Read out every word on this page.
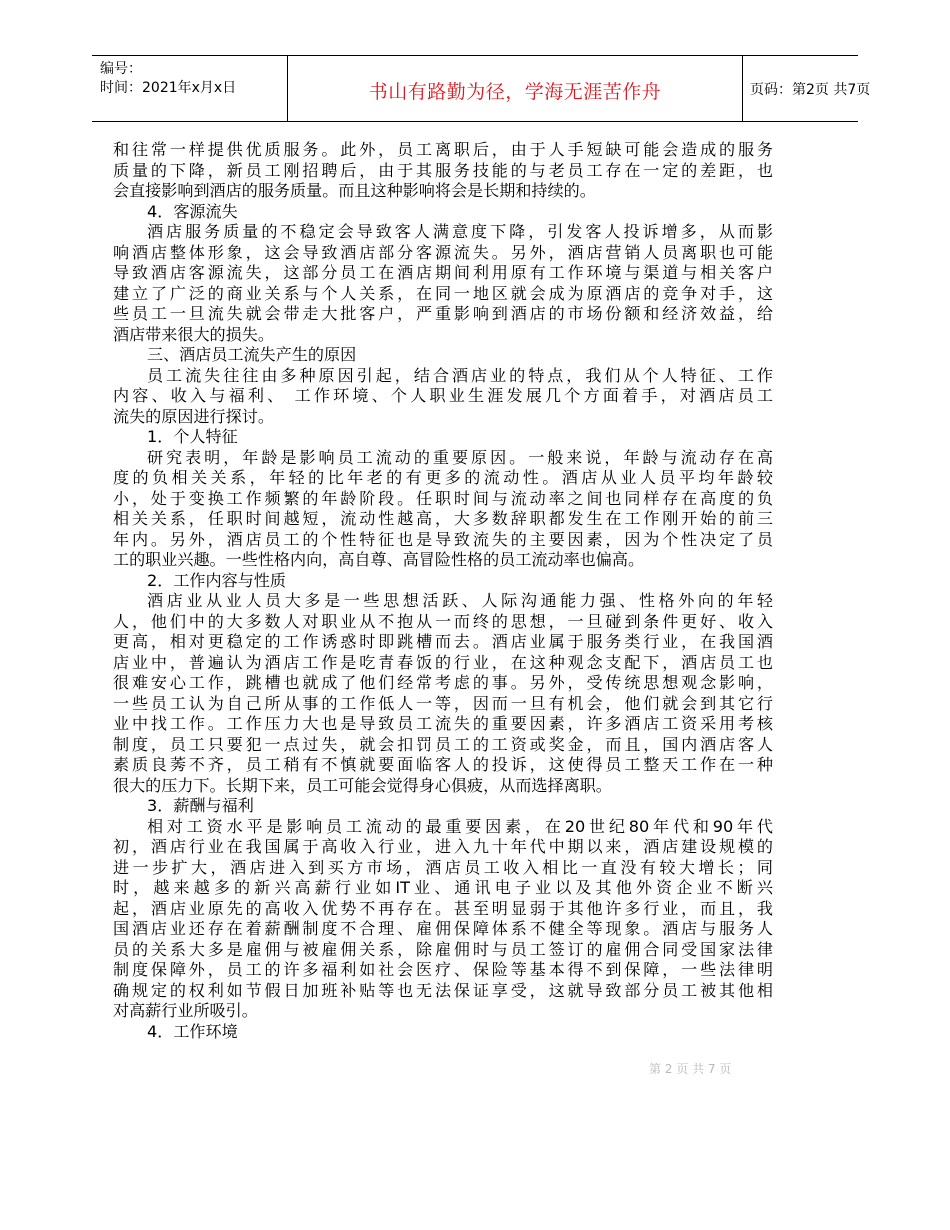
编号：
时间：2021年x月x日	书山有路勤为径，学海无涯苦作舟	页码：第2页 共7页
和往常一样提供优质服务。此外，员工离职后，由于人手短缺可能会造成的服务
质量的下降，新员工刚招聘后，由于其服务技能的与老员工存在一定的差距，也
会直接影响到酒店的服务质量。而且这种影响将会是长期和持续的。
4．客源流失
酒店服务质量的不稳定会导致客人满意度下降，引发客人投诉增多，从而影
响酒店整体形象，这会导致酒店部分客源流失。另外，酒店营销人员离职也可能
导致酒店客源流失，这部分员工在酒店期间利用原有工作环境与渠道与相关客户
建立了广泛的商业关系与个人关系，在同一地区就会成为原酒店的竞争对手，这
些员工一旦流失就会带走大批客户，严重影响到酒店的市场份额和经济效益，给
酒店带来很大的损失。
三、酒店员工流失产生的原因
员工流失往往由多种原因引起，结合酒店业的特点，我们从个人特征、工作
内容、收入与福利、 工作环境、个人职业生涯发展几个方面着手，对酒店员工
流失的原因进行探讨。
1．个人特征
研究表明，年龄是影响员工流动的重要原因。一般来说，年龄与流动存在高
度的负相关关系，年轻的比年老的有更多的流动性。酒店从业人员平均年龄较
小，处于变换工作频繁的年龄阶段。任职时间与流动率之间也同样存在高度的负
相关关系，任职时间越短，流动性越高，大多数辞职都发生在工作刚开始的前三
年内。另外，酒店员工的个性特征也是导致流失的主要因素，因为个性决定了员
工的职业兴趣。一些性格内向，高自尊、高冒险性格的员工流动率也偏高。
2．工作内容与性质
酒店业从业人员大多是一些思想活跃、人际沟通能力强、性格外向的年轻
人，他们中的大多数人对职业从不抱从一而终的思想，一旦碰到条件更好、收入
更高，相对更稳定的工作诱惑时即跳槽而去。酒店业属于服务类行业，在我国酒
店业中，普遍认为酒店工作是吃青春饭的行业，在这种观念支配下，酒店员工也
很难安心工作，跳槽也就成了他们经常考虑的事。另外，受传统思想观念影响，
一些员工认为自己所从事的工作低人一等，因而一旦有机会，他们就会到其它行
业中找工作。工作压力大也是导致员工流失的重要因素，许多酒店工资采用考核
制度，员工只要犯一点过失，就会扣罚员工的工资或奖金，而且，国内酒店客人
素质良莠不齐，员工稍有不慎就要面临客人的投诉，这使得员工整天工作在一种
很大的压力下。长期下来，员工可能会觉得身心俱疲，从而选择离职。
3．薪酬与福利
相对工资水平是影响员工流动的最重要因素，在20世纪80年代和90年代
初，酒店行业在我国属于高收入行业，进入九十年代中期以来，酒店建设规模的
进一步扩大，酒店进入到买方市场，酒店员工收入相比一直没有较大增长；同
时，越来越多的新兴高薪行业如IT业、通讯电子业以及其他外资企业不断兴
起，酒店业原先的高收入优势不再存在。甚至明显弱于其他许多行业，而且，我
国酒店业还存在着薪酬制度不合理、雇佣保障体系不健全等现象。酒店与服务人
员的关系大多是雇佣与被雇佣关系，除雇佣时与员工签订的雇佣合同受国家法律
制度保障外，员工的许多福利如社会医疗、保险等基本得不到保障，一些法律明
确规定的权利如节假日加班补贴等也无法保证享受，这就导致部分员工被其他相
对高薪行业所吸引。
4．工作环境
第 2 页 共 7 页
